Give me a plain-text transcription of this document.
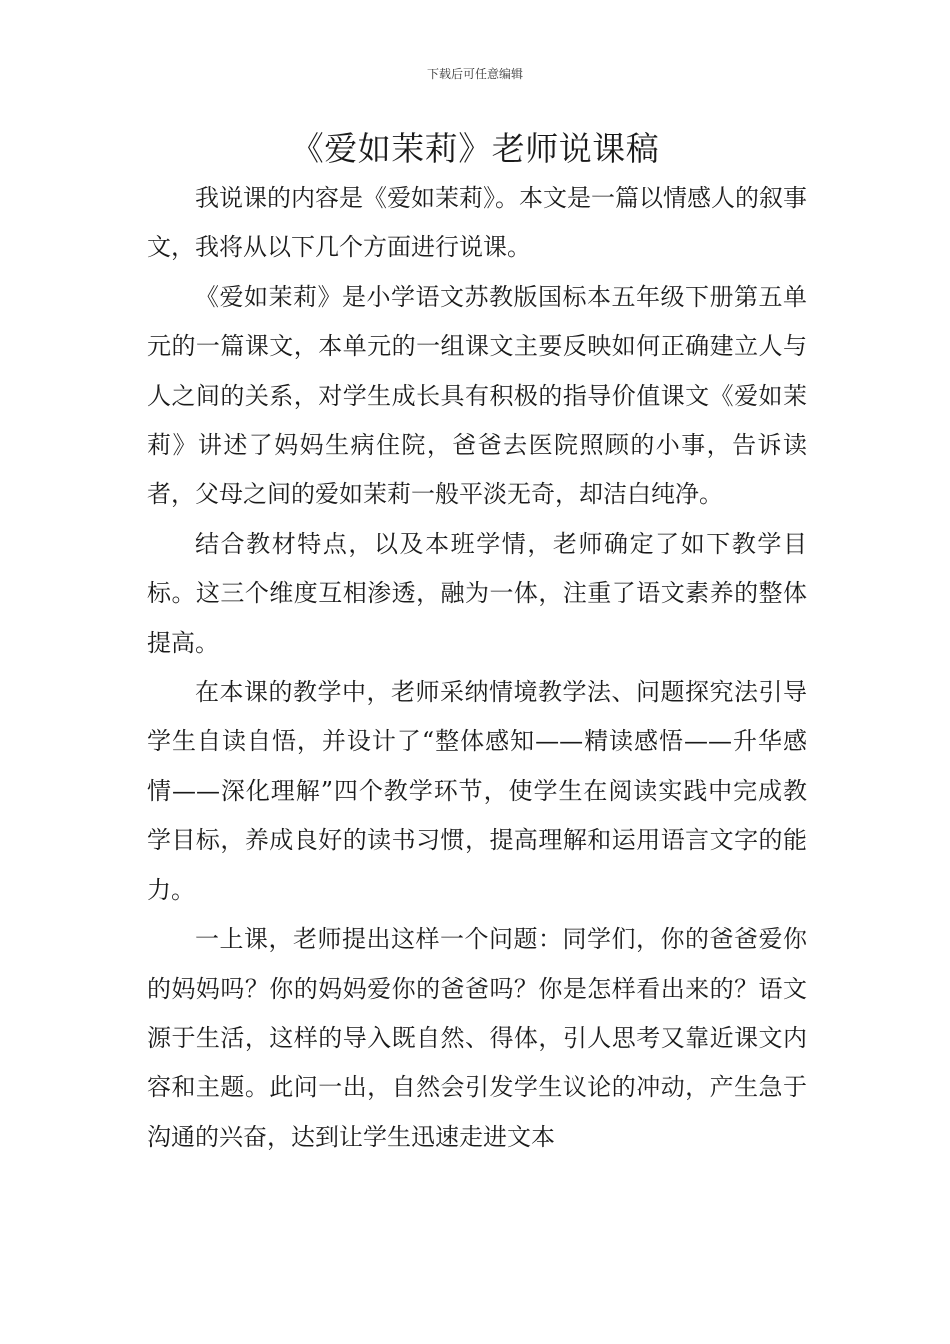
下载后可任意编辑
《爱如茉莉》老师说课稿

我说课的内容是《爱如茉莉》。本文是一篇以情感人的叙事文，我将从以下几个方面进行说课。

《爱如茉莉》是小学语文苏教版国标本五年级下册第五单元的一篇课文，本单元的一组课文主要反映如何正确建立人与人之间的关系，对学生成长具有积极的指导价值课文《爱如茉莉》讲述了妈妈生病住院，爸爸去医院照顾的小事，告诉读者，父母之间的爱如茉莉一般平淡无奇，却洁白纯净。

结合教材特点，以及本班学情，老师确定了如下教学目标。这三个维度互相渗透，融为一体，注重了语文素养的整体提高。

在本课的教学中，老师采纳情境教学法、问题探究法引导学生自读自悟，并设计了“整体感知——精读感悟——升华感情——深化理解”四个教学环节，使学生在阅读实践中完成教学目标，养成良好的读书习惯，提高理解和运用语言文字的能力。

一上课，老师提出这样一个问题：同学们，你的爸爸爱你的妈妈吗？你的妈妈爱你的爸爸吗？你是怎样看出来的？语文源于生活，这样的导入既自然、得体，引人思考又靠近课文内容和主题。此问一出，自然会引发学生议论的冲动，产生急于沟通的兴奋，达到让学生迅速走进文本
